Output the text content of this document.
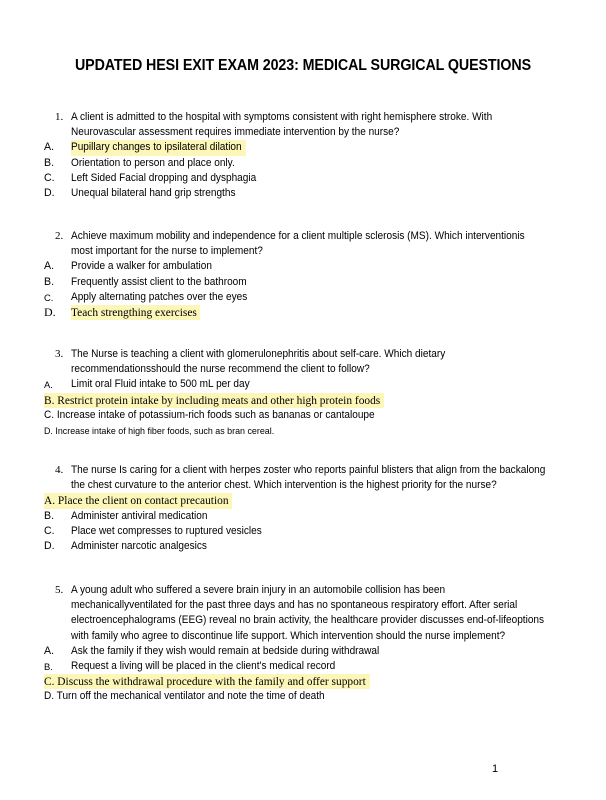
UPDATED HESI EXIT EXAM 2023: MEDICAL SURGICAL QUESTIONS
1. A client is admitted to the hospital with symptoms consistent with right hemisphere stroke. With Neurovascular assessment requires immediate intervention by the nurse?
A. Pupillary changes to ipsilateral dilation
B. Orientation to person and place only.
C. Left Sided Facial dropping and dysphagia
D. Unequal bilateral hand grip strengths
2. Achieve maximum mobility and independence for a client multiple sclerosis (MS). Which interventionis most important for the nurse to implement?
A. Provide a walker for ambulation
B. Frequently assist client to the bathroom
C. Apply alternating patches over the eyes
D. Teach strengthing exercises
3. The Nurse is teaching a client with glomerulonephritis about self-care. Which dietary recommendationsshould the nurse recommend the client to follow?
A. Limit oral Fluid intake to 500 mL per day
B. Restrict protein intake by including meats and other high protein foods
C. Increase intake of potassium-rich foods such as bananas or cantaloupe
D. Increase intake of high fiber foods, such as bran cereal.
4. The nurse Is caring for a client with herpes zoster who reports painful blisters that align from the backalong the chest curvature to the anterior chest. Which intervention is the highest priority for the nurse?
A. Place the client on contact precaution
B. Administer antiviral medication
C. Place wet compresses to ruptured vesicles
D. Administer narcotic analgesics
5. A young adult who suffered a severe brain injury in an automobile collision has been mechanicallyventilated for the past three days and has no spontaneous respiratory effort. After serial electroencephalograms (EEG) reveal no brain activity, the healthcare provider discusses end-of-lifeoptions with family who agree to discontinue life support. Which intervention should the nurse implement?
A. Ask the family if they wish would remain at bedside during withdrawal
B. Request a living will be placed in the client's medical record
C. Discuss the withdrawal procedure with the family and offer support
D. Turn off the mechanical ventilator and note the time of death
1
